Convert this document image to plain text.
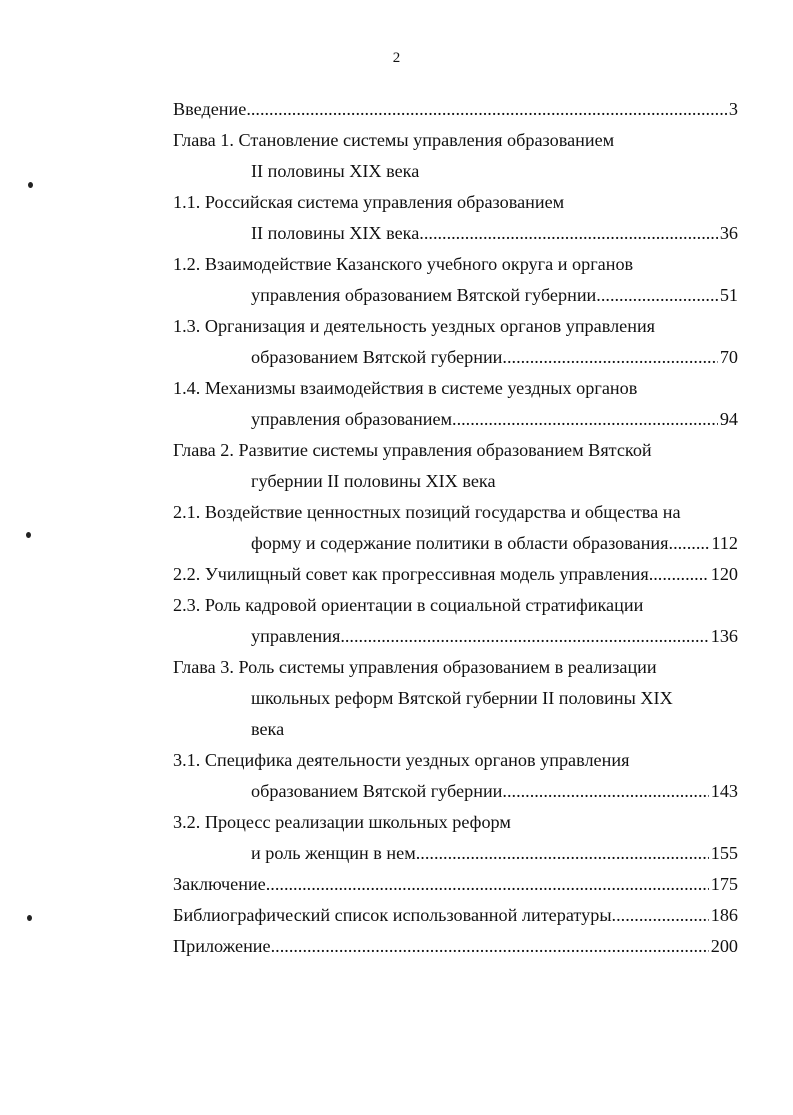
2
Введение .....	3
Глава 1. Становление системы управления образованием
II половины XIX века
1.1. Российская система управления образованием
II половины XIX века .....	36
1.2. Взаимодействие Казанского учебного округа и органов
управления образованием Вятской губернии .....	51
1.3. Организация и деятельность уездных органов управления
образованием Вятской губернии .....	70
1.4. Механизмы взаимодействия в системе уездных органов
управления образованием .....	94
Глава 2. Развитие системы управления образованием Вятской
губернии II половины XIX века
2.1. Воздействие ценностных позиций государства и общества на
форму и содержание политики в области образования ..... 112
2.2. Училищный совет как прогрессивная модель управления .....	120
2.3. Роль кадровой ориентации в социальной стратификации
управления .....	136
Глава 3. Роль системы управления образованием в реализации
школьных реформ Вятской губернии II половины XIX
века
3.1. Специфика деятельности уездных органов управления
образованием Вятской губернии .....	143
3.2. Процесс реализации школьных реформ
и роль женщин в нем .....	155
Заключение .....	175
Библиографический список использованной литературы .....	186
Приложение .....	200
